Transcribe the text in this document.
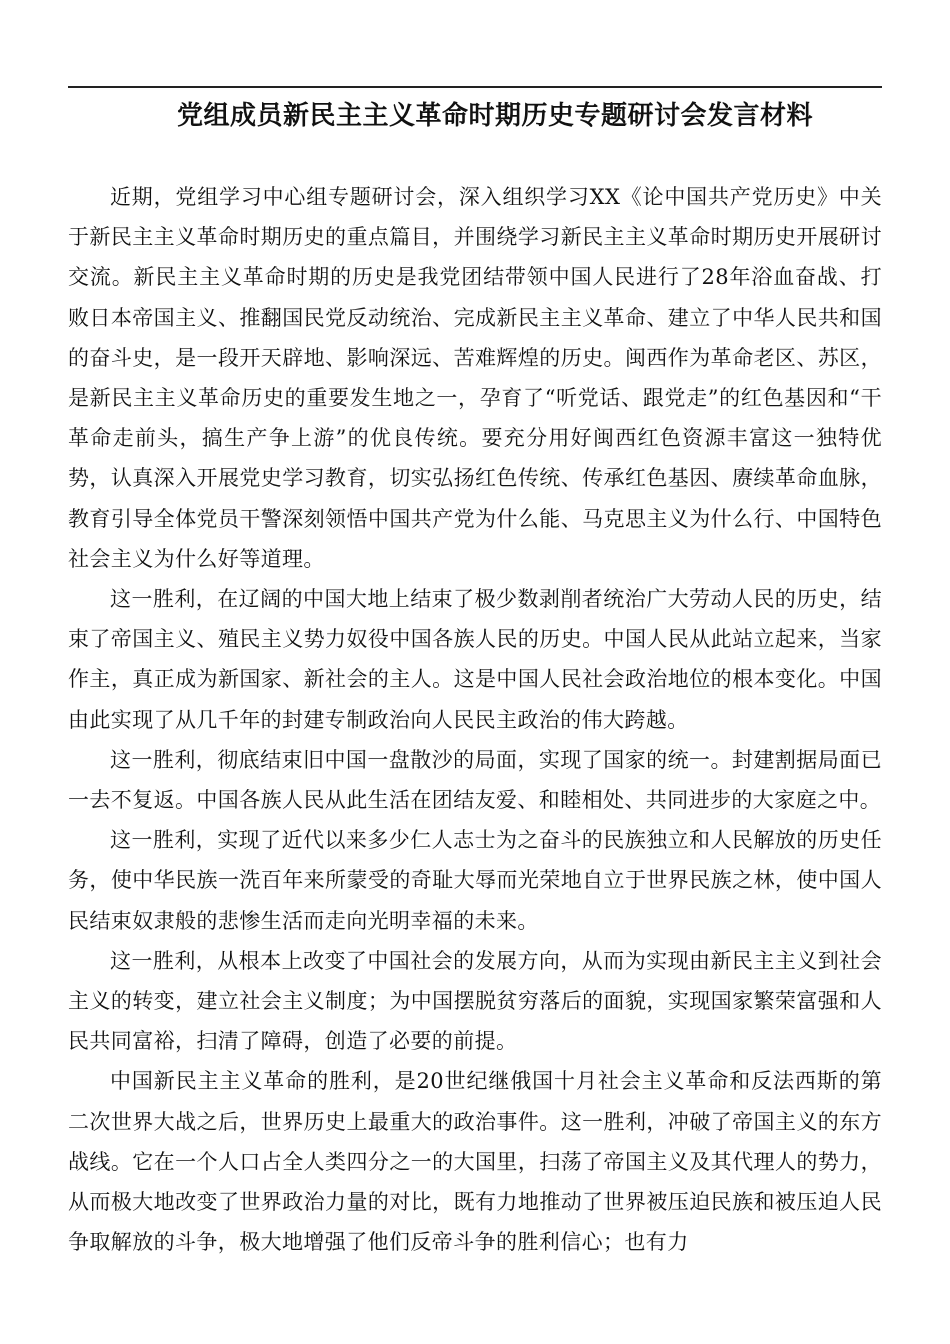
党组成员新民主主义革命时期历史专题研讨会发言材料

近期，党组学习中心组专题研讨会，深入组织学习XX《论中国共产党历史》中关于新民主主义革命时期历史的重点篇目，并围绕学习新民主主义革命时期历史开展研讨交流。新民主主义革命时期的历史是我党团结带领中国人民进行了28年浴血奋战、打败日本帝国主义、推翻国民党反动统治、完成新民主主义革命、建立了中华人民共和国的奋斗史，是一段开天辟地、影响深远、苦难辉煌的历史。闽西作为革命老区、苏区，是新民主主义革命历史的重要发生地之一，孕育了“听党话、跟党走”的红色基因和“干革命走前头，搞生产争上游”的优良传统。要充分用好闽西红色资源丰富这一独特优势，认真深入开展党史学习教育，切实弘扬红色传统、传承红色基因、赓续革命血脉，教育引导全体党员干警深刻领悟中国共产党为什么能、马克思主义为什么行、中国特色社会主义为什么好等道理。

这一胜利，在辽阔的中国大地上结束了极少数剥削者统治广大劳动人民的历史，结束了帝国主义、殖民主义势力奴役中国各族人民的历史。中国人民从此站立起来，当家作主，真正成为新国家、新社会的主人。这是中国人民社会政治地位的根本变化。中国由此实现了从几千年的封建专制政治向人民民主政治的伟大跨越。

这一胜利，彻底结束旧中国一盘散沙的局面，实现了国家的统一。封建割据局面已一去不复返。中国各族人民从此生活在团结友爱、和睦相处、共同进步的大家庭之中。

这一胜利，实现了近代以来多少仁人志士为之奋斗的民族独立和人民解放的历史任务，使中华民族一洗百年来所蒙受的奇耻大辱而光荣地自立于世界民族之林，使中国人民结束奴隶般的悲惨生活而走向光明幸福的未来。

这一胜利，从根本上改变了中国社会的发展方向，从而为实现由新民主主义到社会主义的转变，建立社会主义制度；为中国摆脱贫穷落后的面貌，实现国家繁荣富强和人民共同富裕，扫清了障碍，创造了必要的前提。

中国新民主主义革命的胜利，是20世纪继俄国十月社会主义革命和反法西斯的第二次世界大战之后，世界历史上最重大的政治事件。这一胜利，冲破了帝国主义的东方战线。它在一个人口占全人类四分之一的大国里，扫荡了帝国主义及其代理人的势力，从而极大地改变了世界政治力量的对比，既有力地推动了世界被压迫民族和被压迫人民争取解放的斗争，极大地增强了他们反帝斗争的胜利信心；也有力
